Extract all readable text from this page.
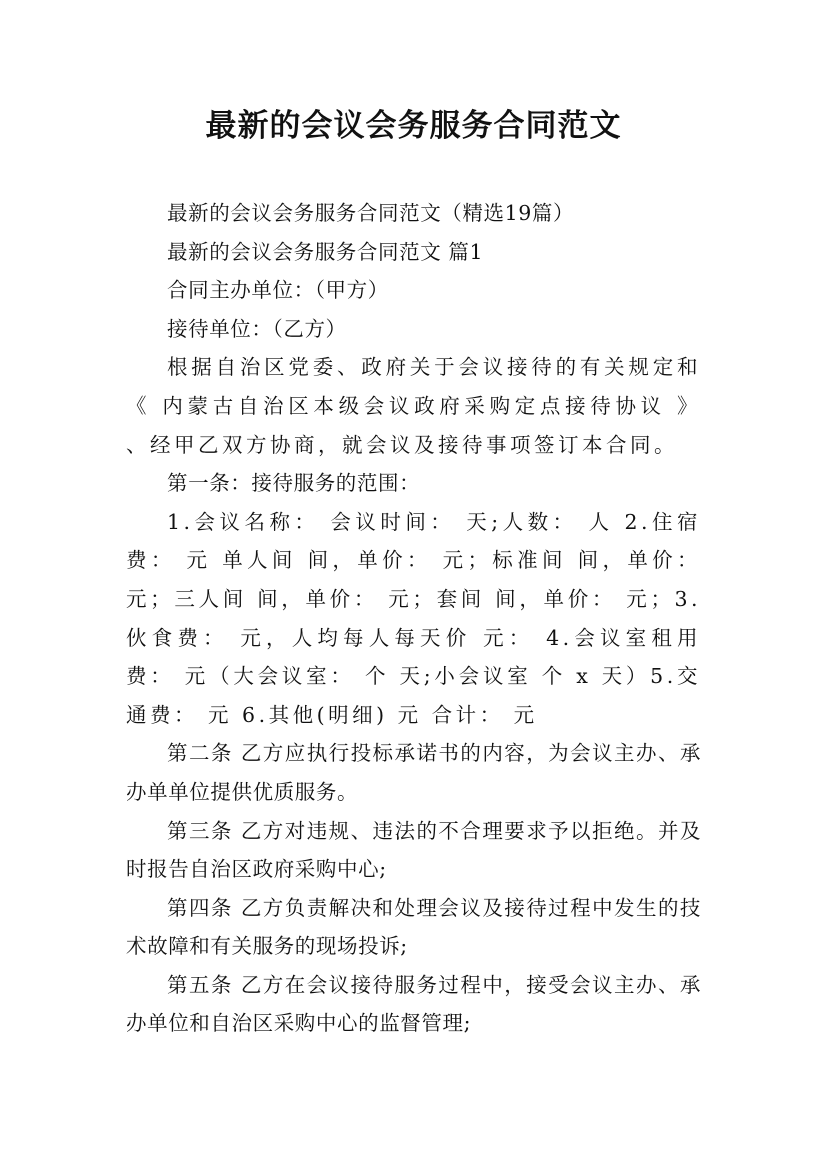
最新的会议会务服务合同范文

最新的会议会务服务合同范文（精选19篇）

最新的会议会务服务合同范文 篇1

合同主办单位：（甲方）

接待单位：（乙方）

根据自治区党委、政府关于会议接待的有关规定和《 内蒙古自治区本级会议政府采购定点接待协议 》 、经甲乙双方协商，就会议及接待事项签订本合同。

第一条：接待服务的范围：

1.会议名称： 会议时间： 天;人数： 人 2.住宿费： 元 单人间 间，单价： 元；标准间 间，单价： 元；三人间 间，单价： 元；套间 间，单价： 元；3.伙食费： 元，人均每人每天价 元： 4.会议室租用费： 元（大会议室： 个 天;小会议室 个 x 天）5.交通费： 元 6.其他(明细) 元 合计： 元

第二条 乙方应执行投标承诺书的内容，为会议主办、承办单单位提供优质服务。

第三条 乙方对违规、违法的不合理要求予以拒绝。并及时报告自治区政府采购中心;

第四条 乙方负责解决和处理会议及接待过程中发生的技术故障和有关服务的现场投诉;

第五条 乙方在会议接待服务过程中，接受会议主办、承办单位和自治区采购中心的监督管理;
